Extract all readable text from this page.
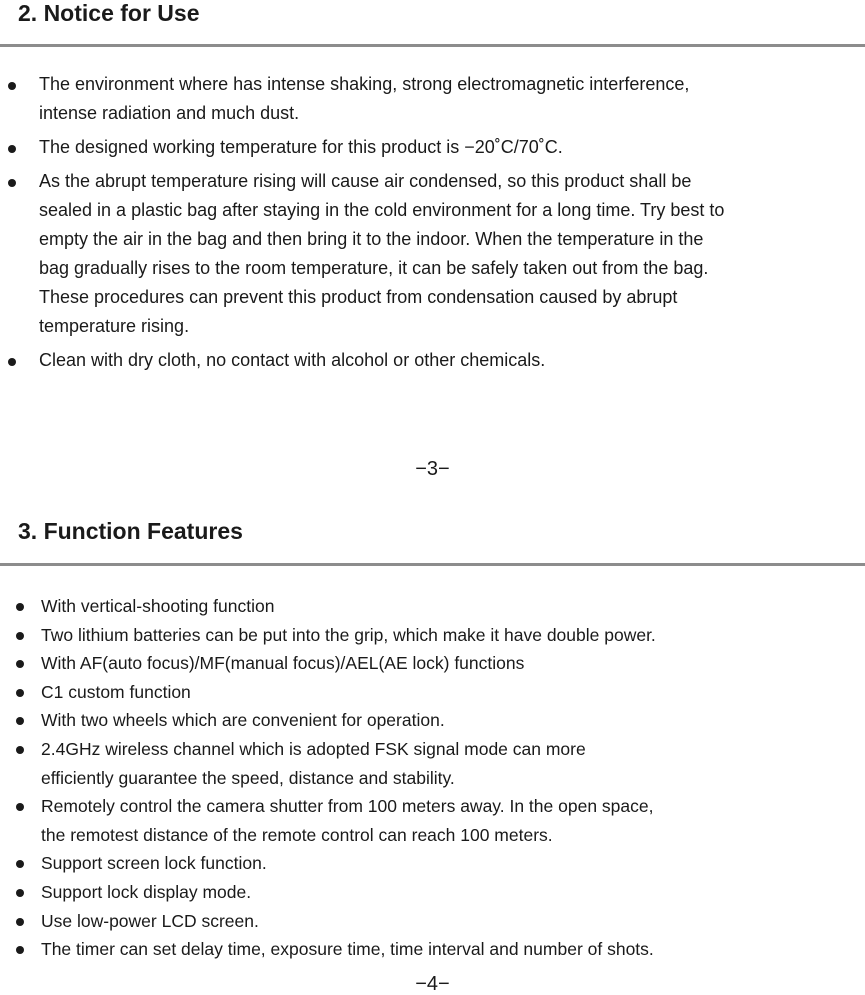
2. Notice for Use
The environment where has intense shaking, strong electromagnetic interference,
intense radiation and much dust.
The designed working temperature for this product is −20˚C/70˚C.
As the abrupt temperature rising will cause air condensed, so this product shall be
sealed in a plastic bag after staying in the cold environment for a long time. Try best to
empty the air in the bag and then bring it to the indoor. When the temperature in the
bag gradually rises to the room temperature, it can be safely taken out from the bag.
These procedures can prevent this product from condensation caused by abrupt
temperature rising.
Clean with dry cloth, no contact with alcohol or other chemicals.
−3−
3. Function Features
With vertical-shooting function
Two lithium batteries can be put into the grip, which make it have double power.
With AF(auto focus)/MF(manual focus)/AEL(AE lock) functions
C1 custom function
With two wheels which are convenient for operation.
2.4GHz wireless channel which is adopted FSK signal mode can more
efficiently guarantee the speed, distance and stability.
Remotely control the camera shutter from 100 meters away. In the open space,
the remotest distance of the remote control can reach 100 meters.
Support screen lock function.
Support lock display mode.
Use low-power LCD screen.
The timer can set delay time, exposure time, time interval and number of shots.
−4−
